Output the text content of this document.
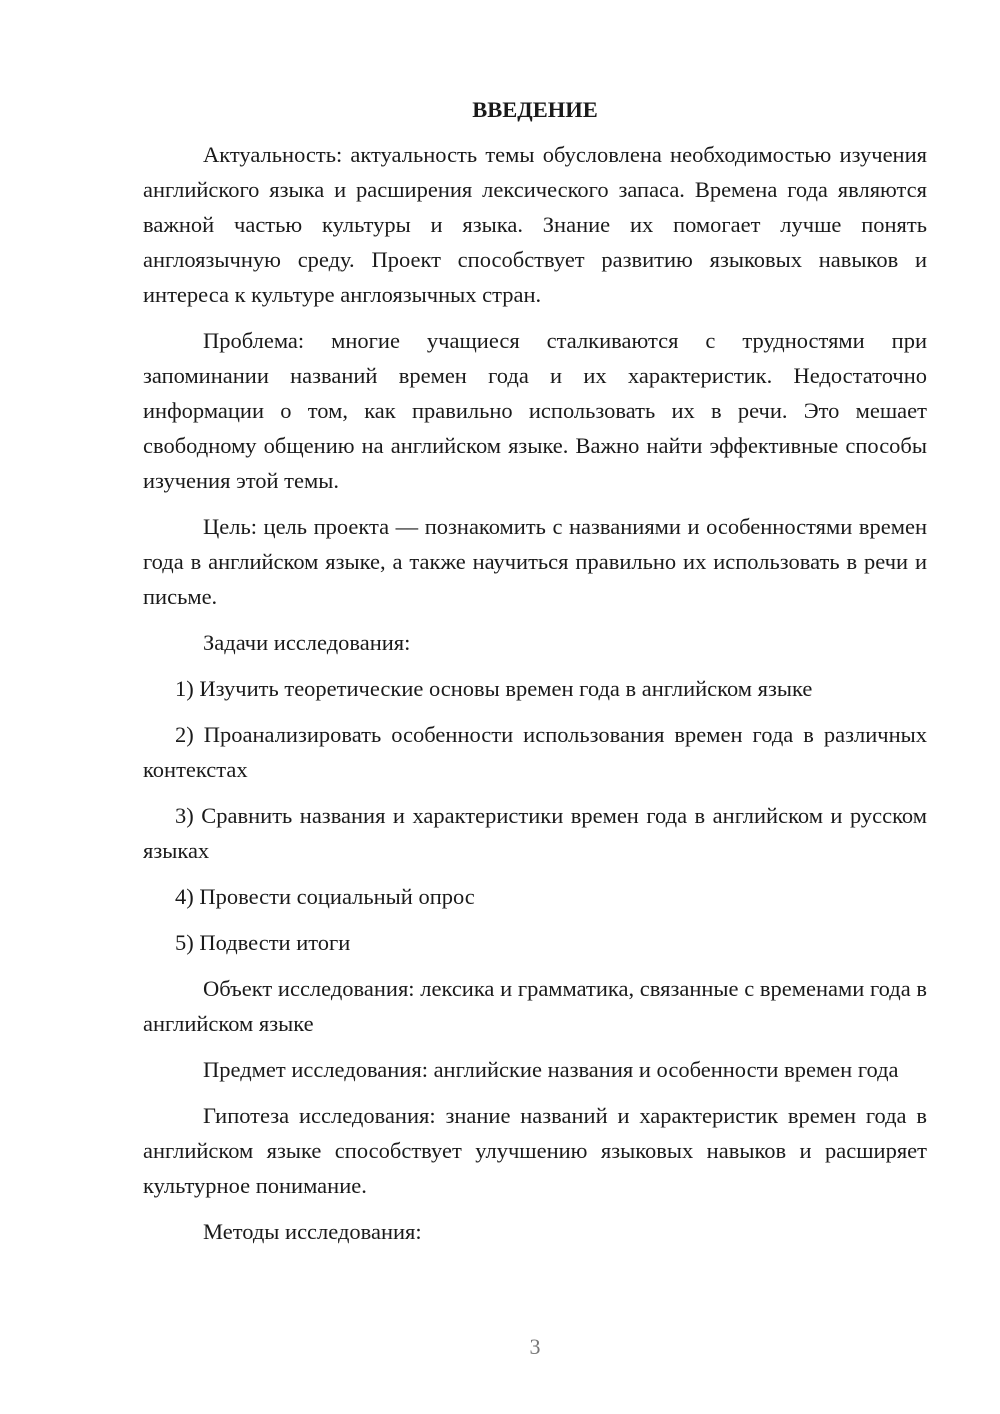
ВВЕДЕНИЕ

Актуальность: актуальность темы обусловлена необходимостью изучения английского языка и расширения лексического запаса. Времена года являются важной частью культуры и языка. Знание их помогает лучше понять англоязычную среду. Проект способствует развитию языковых навыков и интереса к культуре англоязычных стран.

Проблема: многие учащиеся сталкиваются с трудностями при запоминании названий времен года и их характеристик. Недостаточно информации о том, как правильно использовать их в речи. Это мешает свободному общению на английском языке. Важно найти эффективные способы изучения этой темы.

Цель: цель проекта — познакомить с названиями и особенностями времен года в английском языке, а также научиться правильно их использовать в речи и письме.

Задачи исследования:

1) Изучить теоретические основы времен года в английском языке

2) Проанализировать особенности использования времен года в различных контекстах

3) Сравнить названия и характеристики времен года в английском и русском языках

4) Провести социальный опрос

5) Подвести итоги

Объект исследования: лексика и грамматика, связанные с временами года в английском языке

Предмет исследования: английские названия и особенности времен года

Гипотеза исследования: знание названий и характеристик времен года в английском языке способствует улучшению языковых навыков и расширяет культурное понимание.

Методы исследования:

3
